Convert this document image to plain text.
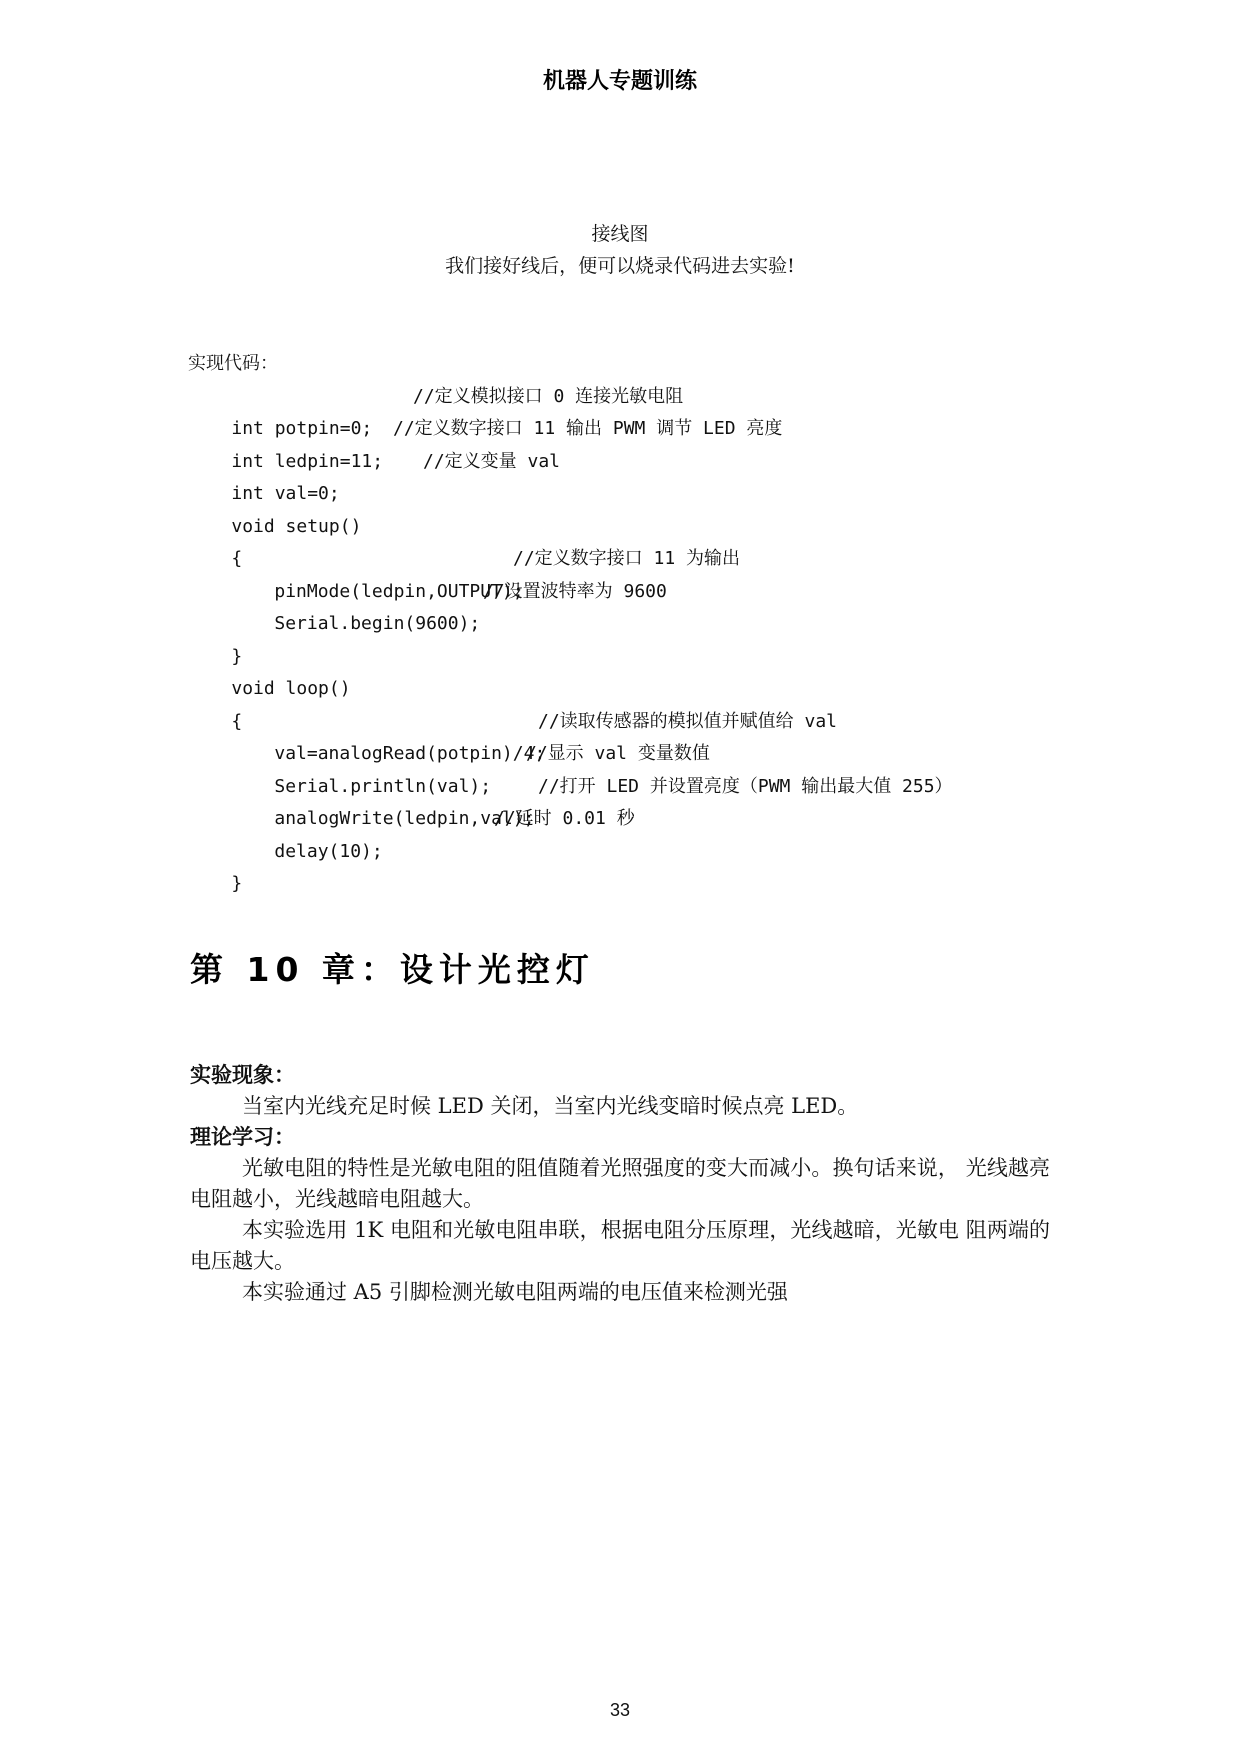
机器人专题训练
接线图
我们接好线后，便可以烧录代码进去实验!
实现代码：

int potpin=0;

//定义模拟接口 0 连接光敏电阻

int ledpin=11;

//定义数字接口 11 输出 PWM 调节 LED 亮度

int val=0;

//定义变量 val

void setup()

{

pinMode(ledpin,OUTPUT);

//定义数字接口 11 为输出

Serial.begin(9600);

//设置波特率为 9600

}

void loop()

{

val=analogRead(potpin)/4;

//读取传感器的模拟值并赋值给 val

Serial.println(val);

//显示 val 变量数值

analogWrite(ledpin,val);

//打开 LED 并设置亮度（PWM 输出最大值 255）

delay(10);

//延时 0.01 秒

}

第 10 章：设计光控灯
实验现象：

当室内光线充足时候 LED 关闭，当室内光线变暗时候点亮 LED。

理论学习：

光敏电阻的特性是光敏电阻的阻值随着光照强度的变大而减小。换句话来说， 光线越亮电阻越小，光线越暗电阻越大。

本实验选用 1K 电阻和光敏电阻串联，根据电阻分压原理，光线越暗，光敏电 阻两端的电压越大。

本实验通过 A5 引脚检测光敏电阻两端的电压值来检测光强

33
